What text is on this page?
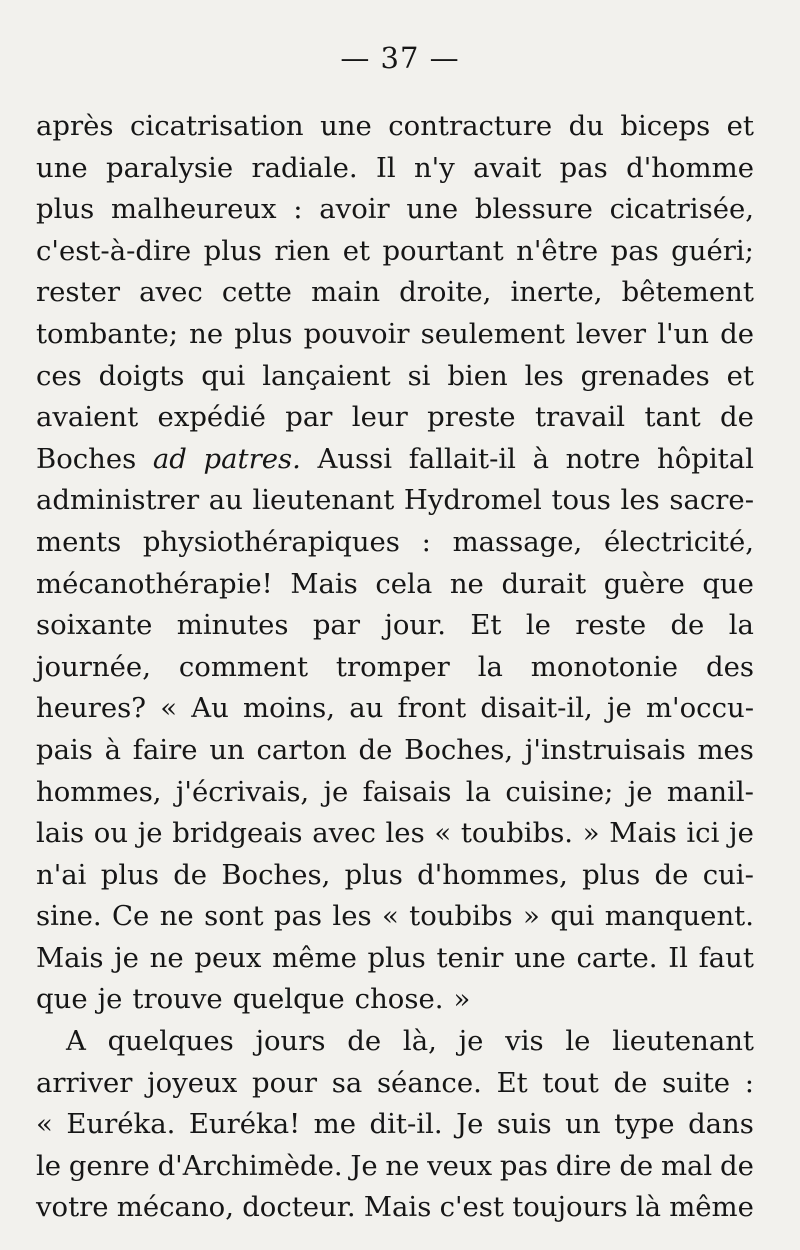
— 37 —
après cicatrisation une contracture du biceps et
une paralysie radiale. Il n'y avait pas d'homme
plus malheureux : avoir une blessure cicatrisée,
c'est-à-dire plus rien et pourtant n'être pas guéri;
rester avec cette main droite, inerte, bêtement
tombante; ne plus pouvoir seulement lever l'un de
ces doigts qui lançaient si bien les grenades et
avaient expédié par leur preste travail tant de
Boches ad patres. Aussi fallait-il à notre hôpital
administrer au lieutenant Hydromel tous les sacre-
ments physiothérapiques : massage, électricité,
mécanothérapie! Mais cela ne durait guère que
soixante minutes par jour. Et le reste de la
journée, comment tromper la monotonie des
heures? « Au moins, au front disait-il, je m'occu-
pais à faire un carton de Boches, j'instruisais mes
hommes, j'écrivais, je faisais la cuisine; je manil-
lais ou je bridgeais avec les « toubibs. » Mais ici je
n'ai plus de Boches, plus d'hommes, plus de cui-
sine. Ce ne sont pas les « toubibs » qui manquent.
Mais je ne peux même plus tenir une carte. Il faut
que je trouve quelque chose. »
A quelques jours de là, je vis le lieutenant
arriver joyeux pour sa séance. Et tout de suite :
« Euréka. Euréka! me dit-il. Je suis un type dans
le genre d'Archimède. Je ne veux pas dire de mal de
votre mécano, docteur. Mais c'est toujours là même
